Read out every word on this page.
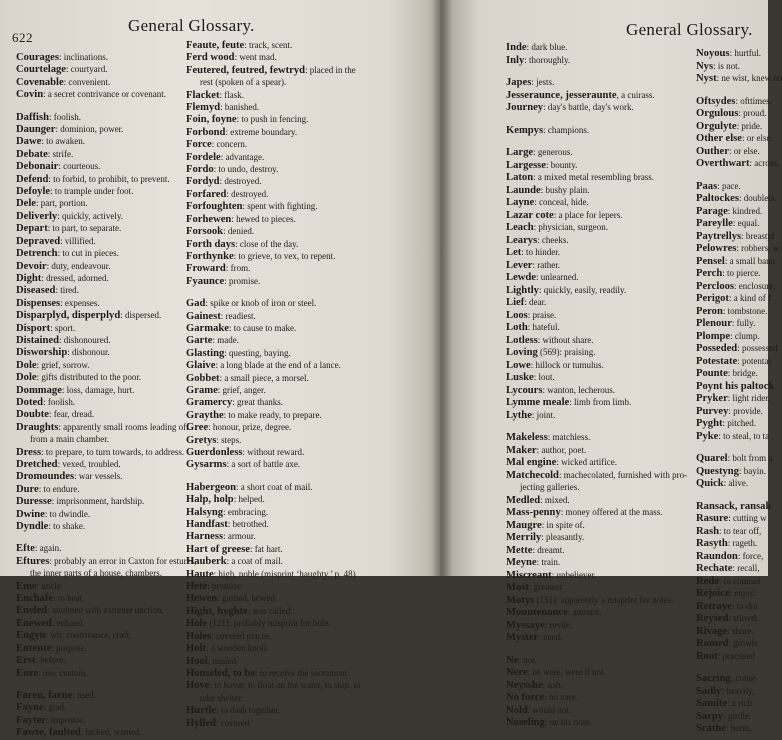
622
General Glossary.
Courages: inclinations.
Courtelage: courtyard.
Covenable: convenient.
Covin: a secret contrivance or covenant.
Daffish: foolish.
Daunger: dominion, power.
Dawe: to awaken.
Debate: strife.
Debonair: courteous.
Defend: to forbid, to prohibit, to prevent.
Defoyle: to trample under foot.
Dele: part, portion.
Deliverly: quickly, actively.
Depart: to part, to separate.
Depraved: villified.
Detrench: to cut in pieces.
Devoir: duty, endeavour.
Dight: dressed, adorned.
Diseased: tired.
Dispenses: expenses.
Disparplyd, disperplyd: dispersed.
Disport: sport.
Distained: dishonoured.
Disworship: dishonour.
Dole: grief, sorrow.
Dole: gifts distributed to the poor.
Dommage: loss, damage, hurt.
Doted: foolish.
Doubte: fear, dread.
Draughts: apparently small rooms leading off
from a main chamber.
Dress: to prepare, to turn towards, to address.
Dretched: vexed, troubled.
Dromoundes: war vessels.
Dure: to endure.
Duresse: imprisonment, hardship.
Dwine: to dwindle.
Dyndle: to shake.
Efte: again.
Eftures: probably an error in Caxton for estures,
the inner parts of a house, chambers.
Eme: uncle.
Enchafe: to heat.
Eneled: anointed with extreme unction.
Enewed: enhued.
Engyn: wit, contrivance, craft.
Entente: purpose.
Erst: before.
Eure: use, custom.
Faren, farne: used.
Fayne: glad.
Fayter: impostor.
Fawte, faulted: lacked, wanted.
Feaute, feute: track, scent.
Ferd wood: went mad.
Feutered, feutred, fewtryd: placed in the
rest (spoken of a spear).
Flacket: flask.
Flemyd: banished.
Foin, foyne: to push in fencing.
Forbond: extreme boundary.
Force: concern.
Fordele: advantage.
Fordo: to undo, destroy.
Fordyd: destroyed.
Forfared: destroyed.
Forfoughten: spent with fighting.
Forhewen: hewed to pieces.
Forsook: denied.
Forth days: close of the day.
Forthynke: to grieve, to vex, to repent.
Froward: from.
Fyaunce: promise.
Gad: spike or knob of iron or steel.
Gainest: readiest.
Garmake: to cause to make.
Garte: made.
Glasting: questing, baying.
Glaive: a long blade at the end of a lance.
Gobbet: a small piece, a morsel.
Grame: grief, anger.
Gramercy: great thanks.
Graythe: to make ready, to prepare.
Gree: honour, prize, degree.
Gretys: steps.
Guerdonless: without reward.
Gysarms: a sort of battle axe.
Habergeon: a short coat of mail.
Halp, holp: helped.
Halsyng: embracing.
Handfast: betrothed.
Harness: armour.
Hart of greese: fat hart.
Hauberk: a coat of mail.
Haute: high, noble (misprint ‘haughty,’ p. 48).
Hete: promise.
Hewen: gashed, hewed.
Hight, hyghte: was called.
Hole (121): probably misprint for bole.
Holes: covered places.
Holt: a wooden knoll.
Hool: healed.
Houseled, to be: to receive the sacrament.
Hove: to hover, to float on the water, to stop, to
take shelter.
Hurtle: to dash together.
Hylled: covered.
General Glossary.
Inde: dark blue.
Inly: thoroughly.
Japes: jests.
Jesseraunce, jesseraunte, a cuirass.
Journey: day's battle, day's work.
Kempys: champions.
Large: generous.
Largesse: bounty.
Laton: a mixed metal resembling brass.
Launde: bushy plain.
Layne: conceal, hide.
Lazar cote: a place for lepers.
Leach: physician, surgeon.
Learys: cheeks.
Let: to hinder.
Lever: rather.
Lewde: unlearned.
Lightly: quickly, easily, readily.
Lief: dear.
Loos: praise.
Loth: hateful.
Lotless: without share.
Loving (569): praising.
Lowe: hillock or tumulus.
Luske: lout.
Lycours: wanton, lecherous.
Lymme meale: limb from limb.
Lythe: joint.
Makeless: matchless.
Maker: author, poet.
Mal engine: wicked artifice.
Matchecold: machecolated, furnished with pro-
jecting galleries.
Medled: mixed.
Mass-penny: money offered at the mass.
Maugre: in spite of.
Merrily: pleasantly.
Mette: dreamt.
Meyne: train.
Miscreant: unbeliever.
Most: greatest.
Motys (151): apparently a misprint for notes.
Mountenance: amount.
Myssaye: revile.
Myster: need.
Ne: nor.
Nere: ne were, were it not.
Neysshe: soft.
No force: no care.
Nold: would not.
Noseling: on his nose.
Noyous: hurtful.
Nys: is not.
Nyst: ne wist, knew no
Oftsydes: ofttimes.
Orgulous: proud.
Orgulyte: pride.
Other else: or else.
Outher: or else.
Overthwart: across.
Paas: pace.
Paltockes: doublets.
Parage: kindred.
Pareylle: equal.
Paytrellys: breastpl
Pelowres: robbers, w
Pensel: a small bann
Perch: to pierce.
Percloos: enclosure.
Perigot: a kind of f
Peron: tombstone.
Plenour: fully.
Plompe: clump.
Posseded: possessed
Potestate: potentat
Pounte: bridge.
Poynt his paltock
Pryker: light rider.
Purvey: provide.
Pyght: pitched.
Pyke: to steal, to ta
Quarel: bolt from a
Questyng: bayin.
Quick: alive.
Ransack, ransak
Rasure: cutting w
Rash: to tear off,
Rasyth: rageth.
Raundon: force,
Rechate: recall,
Rede: to counsel
Rejoice: enjoy.
Retraye: to dra
Reysed: stirred.
Rivage: shore.
Romed: growle
Root: practised
Sacring: conse
Sadly: heavily,
Samite: a rich
Sarpy: girdle.
Scathe: harm.
